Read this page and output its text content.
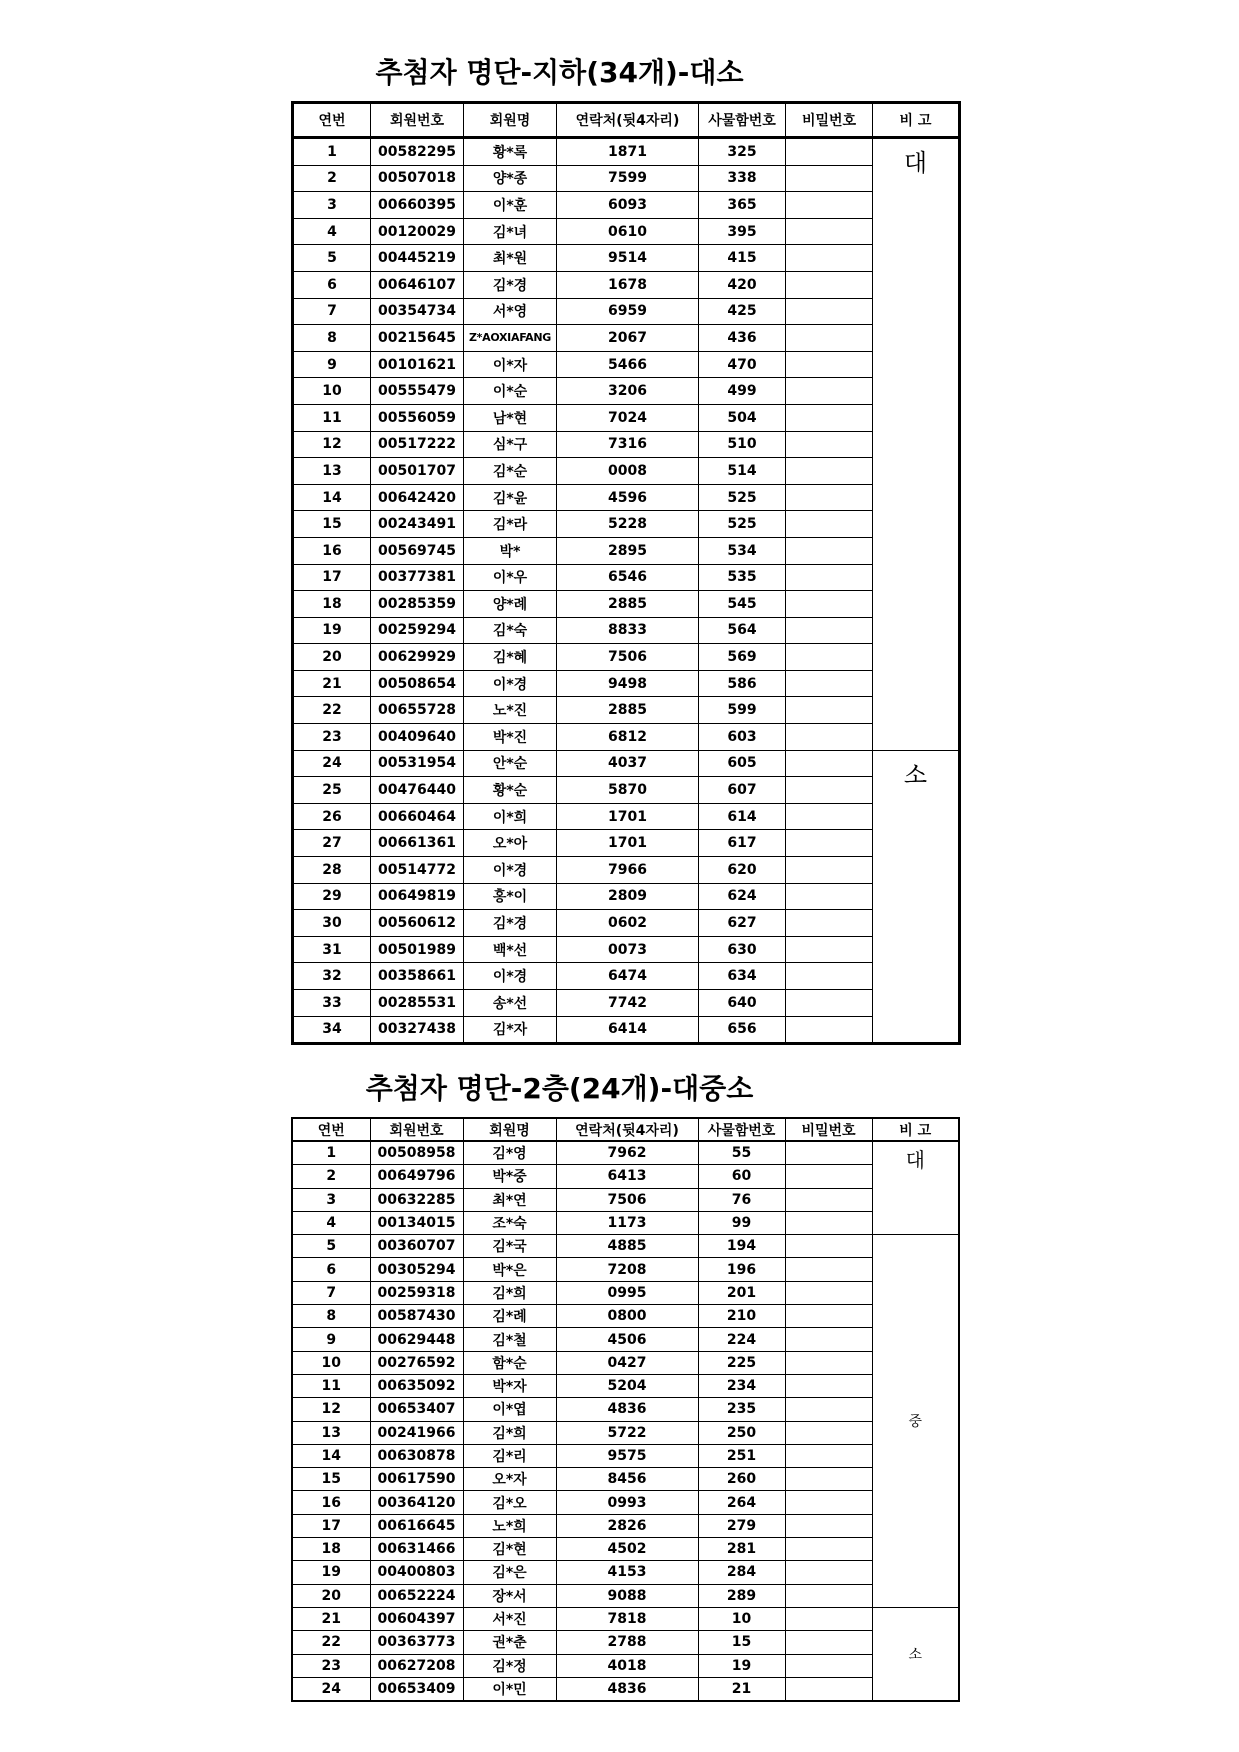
추첨자 명단-지하(34개)-대소
연번	회원번호	회원명	연락처(뒷4자리)	사물함번호	비밀번호	비 고
1	00582295	황*록	1871	325		대
2	00507018	양*종	7599	338		
3	00660395	이*훈	6093	365		
4	00120029	김*녀	0610	395		
5	00445219	최*원	9514	415		
6	00646107	김*경	1678	420		
7	00354734	서*영	6959	425		
8	00215645	Z*AOXIAFANG	2067	436		
9	00101621	이*자	5466	470		
10	00555479	이*순	3206	499		
11	00556059	남*현	7024	504		
12	00517222	심*구	7316	510		
13	00501707	김*순	0008	514		
14	00642420	김*윤	4596	525		
15	00243491	김*라	5228	525		
16	00569745	박*	2895	534		
17	00377381	이*우	6546	535		
18	00285359	양*례	2885	545		
19	00259294	김*숙	8833	564		
20	00629929	김*혜	7506	569		
21	00508654	이*경	9498	586		
22	00655728	노*진	2885	599		
23	00409640	박*진	6812	603		
24	00531954	안*순	4037	605		소
25	00476440	황*순	5870	607		
26	00660464	이*희	1701	614		
27	00661361	오*아	1701	617		
28	00514772	이*경	7966	620		
29	00649819	홍*이	2809	624		
30	00560612	김*경	0602	627		
31	00501989	백*선	0073	630		
32	00358661	이*경	6474	634		
33	00285531	송*선	7742	640		
34	00327438	김*자	6414	656		
추첨자 명단-2층(24개)-대중소
연번	회원번호	회원명	연락처(뒷4자리)	사물함번호	비밀번호	비 고
1	00508958	김*영	7962	55		대
2	00649796	박*중	6413	60		
3	00632285	최*연	7506	76		
4	00134015	조*숙	1173	99		
5	00360707	김*국	4885	194		중
6	00305294	박*은	7208	196		
7	00259318	김*희	0995	201		
8	00587430	김*례	0800	210		
9	00629448	김*철	4506	224		
10	00276592	함*순	0427	225		
11	00635092	박*자	5204	234		
12	00653407	이*엽	4836	235		
13	00241966	김*희	5722	250		
14	00630878	김*리	9575	251		
15	00617590	오*자	8456	260		
16	00364120	김*오	0993	264		
17	00616645	노*희	2826	279		
18	00631466	김*현	4502	281		
19	00400803	김*은	4153	284		
20	00652224	장*서	9088	289		
21	00604397	서*진	7818	10		소
22	00363773	권*춘	2788	15		
23	00627208	김*정	4018	19		
24	00653409	이*민	4836	21		
